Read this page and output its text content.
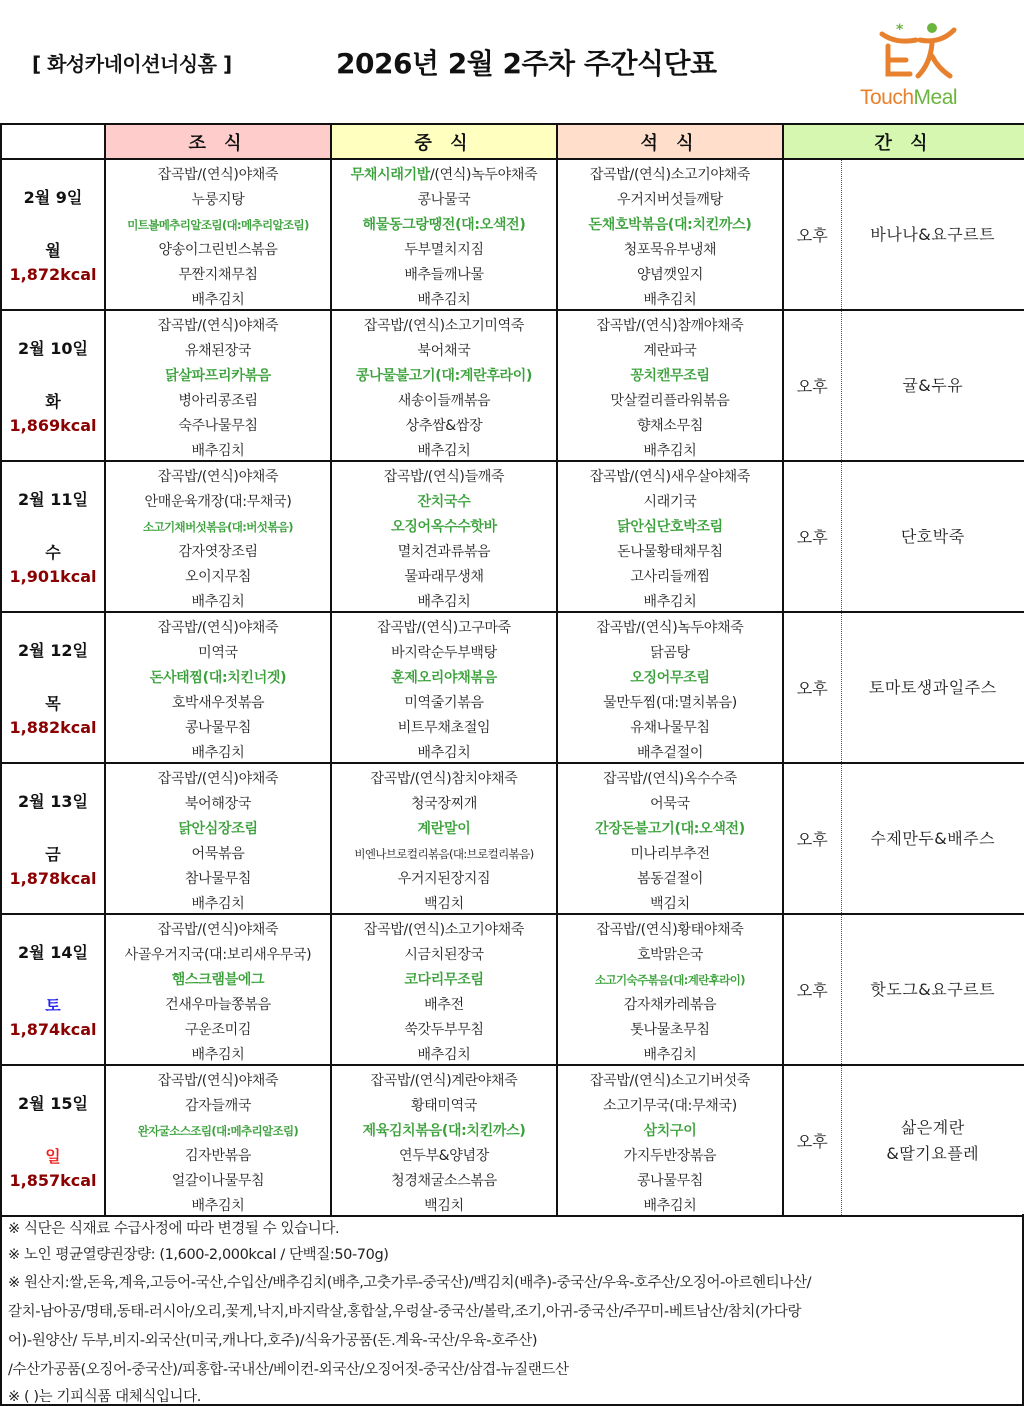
[ 화성카네이션너싱홈 ]	2026년 2월 2주차 주간식단표
*
TouchMeal
	조 식	중 식	석 식	간 식	

2월 9일
월
1,872kcal

잡곡밥/(연식)야채죽
누룽지탕
미트볼메추리알조림(대:메추리알조림)
양송이그린빈스볶음
무짠지채무침
배추김치

무채시래기밥/(연식)녹두야채죽
콩나물국
해물동그랑땡전(대:오색전)
두부멸치지짐
배추들깨나물
배추김치

잡곡밥/(연식)소고기야채죽
우거지버섯들깨탕
돈채호박볶음(대:치킨까스)
청포묵유부냉채
양념깻잎지
배추김치
	오후	바나나&요구르트

2월 10일
화
1,869kcal

잡곡밥/(연식)야채죽
유채된장국
닭살파프리카볶음
병아리콩조림
숙주나물무침
배추김치

잡곡밥/(연식)소고기미역죽
북어채국
콩나물불고기(대:계란후라이)
새송이들깨볶음
상추쌈&쌈장
배추김치

잡곡밥/(연식)참깨야채죽
계란파국
꽁치캔무조림
맛살컬리플라워볶음
향채소무침
배추김치
	오후	귤&두유

2월 11일
수
1,901kcal

잡곡밥/(연식)야채죽
안매운육개장(대:무채국)
소고기채버섯볶음(대:버섯볶음)
감자엿장조림
오이지무침
배추김치

잡곡밥/(연식)들깨죽
잔치국수
오징어옥수수핫바
멸치견과류볶음
물파래무생채
배추김치

잡곡밥/(연식)새우살야채죽
시래기국
닭안심단호박조림
돈나물황태채무침
고사리들깨찜
배추김치
	오후	단호박죽

2월 12일
목
1,882kcal

잡곡밥/(연식)야채죽
미역국
돈사태찜(대:치킨너겟)
호박새우젓볶음
콩나물무침
배추김치

잡곡밥/(연식)고구마죽
바지락순두부백탕
훈제오리야채볶음
미역줄기볶음
비트무채초절임
배추김치

잡곡밥/(연식)녹두야채죽
닭곰탕
오징어무조림
물만두찜(대:멸치볶음)
유채나물무침
배추겉절이
	오후	토마토생과일주스

2월 13일
금
1,878kcal

잡곡밥/(연식)야채죽
북어해장국
닭안심장조림
어묵볶음
참나물무침
배추김치

잡곡밥/(연식)참치야채죽
청국장찌개
계란말이
비엔나브로컬리볶음(대:브로컬리볶음)
우거지된장지짐
백김치

잡곡밥/(연식)옥수수죽
어묵국
간장돈불고기(대:오색전)
미나리부추전
봄동겉절이
백김치
	오후	수제만두&배주스

2월 14일
토
1,874kcal

잡곡밥/(연식)야채죽
사골우거지국(대:보리새우무국)
햄스크램블에그
건새우마늘쫑볶음
구운조미김
배추김치

잡곡밥/(연식)소고기야채죽
시금치된장국
코다리무조림
배추전
쑥갓두부무침
배추김치

잡곡밥/(연식)황태야채죽
호박맑은국
소고기숙주볶음(대:계란후라이)
감자채카레볶음
톳나물초무침
배추김치
	오후	핫도그&요구르트

2월 15일
일
1,857kcal

잡곡밥/(연식)야채죽
감자들깨국
완자굴소스조림(대:메추리알조림)
김자반볶음
얼갈이나물무침
배추김치

잡곡밥/(연식)계란야채죽
황태미역국
제육김치볶음(대:치킨까스)
연두부&양념장
청경채굴소스볶음
백김치

잡곡밥/(연식)소고기버섯죽
소고기무국(대:무채국)
삼치구이
가지두반장볶음
콩나물무침
배추김치
	오후	
삶은계란
&딸기요플레
※ 식단은 식재료 수급사정에 따라 변경될 수 있습니다.
※ 노인 평균열량권장량: (1,600-2,000kcal / 단백질:50-70g)
※ 원산지:쌀,돈육,계육,고등어-국산,수입산/배추김치(배추,고춧가루-중국산)/백김치(배추)-중국산/우육-호주산/오징어-아르헨티나산/
갈치-남아공/명태,동태-러시아/오리,꽃게,낙지,바지락살,홍합살,우렁살-중국산/볼락,조기,아귀-중국산/주꾸미-베트남산/참치(가다랑
어)-원양산/ 두부,비지-외국산(미국,캐나다,호주)/식육가공품(돈.계육-국산/우육-호주산)
/수산가공품(오징어-중국산)/피홍합-국내산/베이컨-외국산/오징어젓-중국산/삼겹-뉴질랜드산
※ ( )는 기피식품 대체식입니다.
